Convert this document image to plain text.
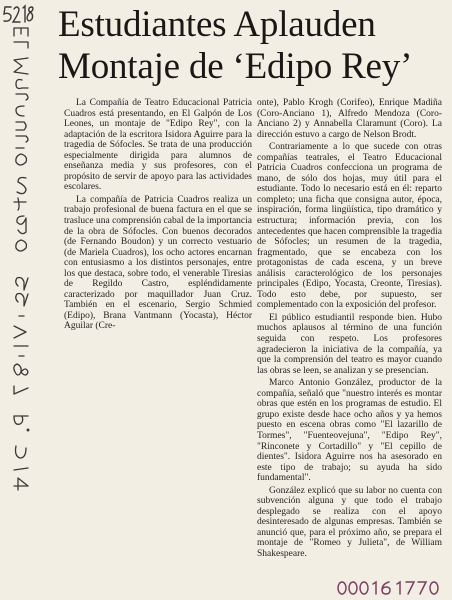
Estudiantes Aplauden
Montaje de ‘Edipo Rey’

La Compañía de Teatro Educacional Patricia Cuadros está presentando, en El Galpón de Los Leones, un montaje de "Edipo Rey", con la adaptación de la escritora Isidora Aguirre para la tragedia de Sófocles. Se trata de una producción especialmente dirigida para alumnos de enseñanza media y sus profesores, con el propósito de servir de apoyo para las actividades escolares.

La compañía de Patricia Cuadros realiza un trabajo profesional de buena factura en el que se trasluce una comprensión cabal de la importancia de la obra de Sófocles. Con buenos decorados (de Fernando Boudon) y un correcto vestuario (de Mariela Cuadros), los ocho actores encarnan con entusiasmo a los distintos personajes, entre los que destaca, sobre todo, el venerable Tiresias de Regildo Castro, espléndidamente caracterizado por maquillador Juan Cruz. También en el escenario, Sergio Schmied (Edipo), Brana Vantmann (Yocasta), Héctor Aguilar (Cre-

onte), Pablo Krogh (Corifeo), Enrique Madiña (Coro-Anciano 1), Alfredo Mendoza (Coro-Anciano 2) y Annabella Claramunt (Coro). La dirección estuvo a cargo de Nelson Brodt.

Contrariamente a lo que sucede con otras compañías teatrales, el Teatro Educacional Patricia Cuadros confecciona un programa de mano, de sólo dos hojas, muy útil para el estudiante. Todo lo necesario está en él: reparto completo; una ficha que consigna autor, época, inspiración, forma lingüística, tipo dramático y estructura; información previa, con los antecedentes que hacen comprensible la tragedia de Sófocles; un resumen de la tragedia, fragmentado, que se encabeza con los protagonistas de cada escena, y un breve análisis caracterológico de los personajes principales (Edipo, Yocasta, Creonte, Tiresias). Todo esto debe, por supuesto, ser complementado con la exposición del profesor.

El público estudiantil responde bien. Hubo muchos aplausos al término de una función seguida con respeto. Los profesores agradecieron la iniciativa de la compañía, ya que la comprensión del teatro es mayor cuando las obras se leen, se analizan y se presencian.

Marco Antonio González, productor de la compañía, señaló que "nuestro interés es montar obras que estén en los programas de estudio. El grupo existe desde hace ocho años y ya hemos puesto en escena obras como "El lazarillo de Tormes", "Fuenteovejuna", "Edipo Rey", "Rinconete y Cortadillo" y "El cepillo de dientes". Isidora Aguirre nos ha asesorado en este tipo de trabajo; su ayuda ha sido fundamental".

González explicó que su labor no cuenta con subvención alguna y que todo el trabajo desplegado se realiza con el apoyo desinteresado de algunas empresas. También se anunció que, para el próximo año, se prepara el montaje de "Romeo y Julieta", de William Shakespeare.
